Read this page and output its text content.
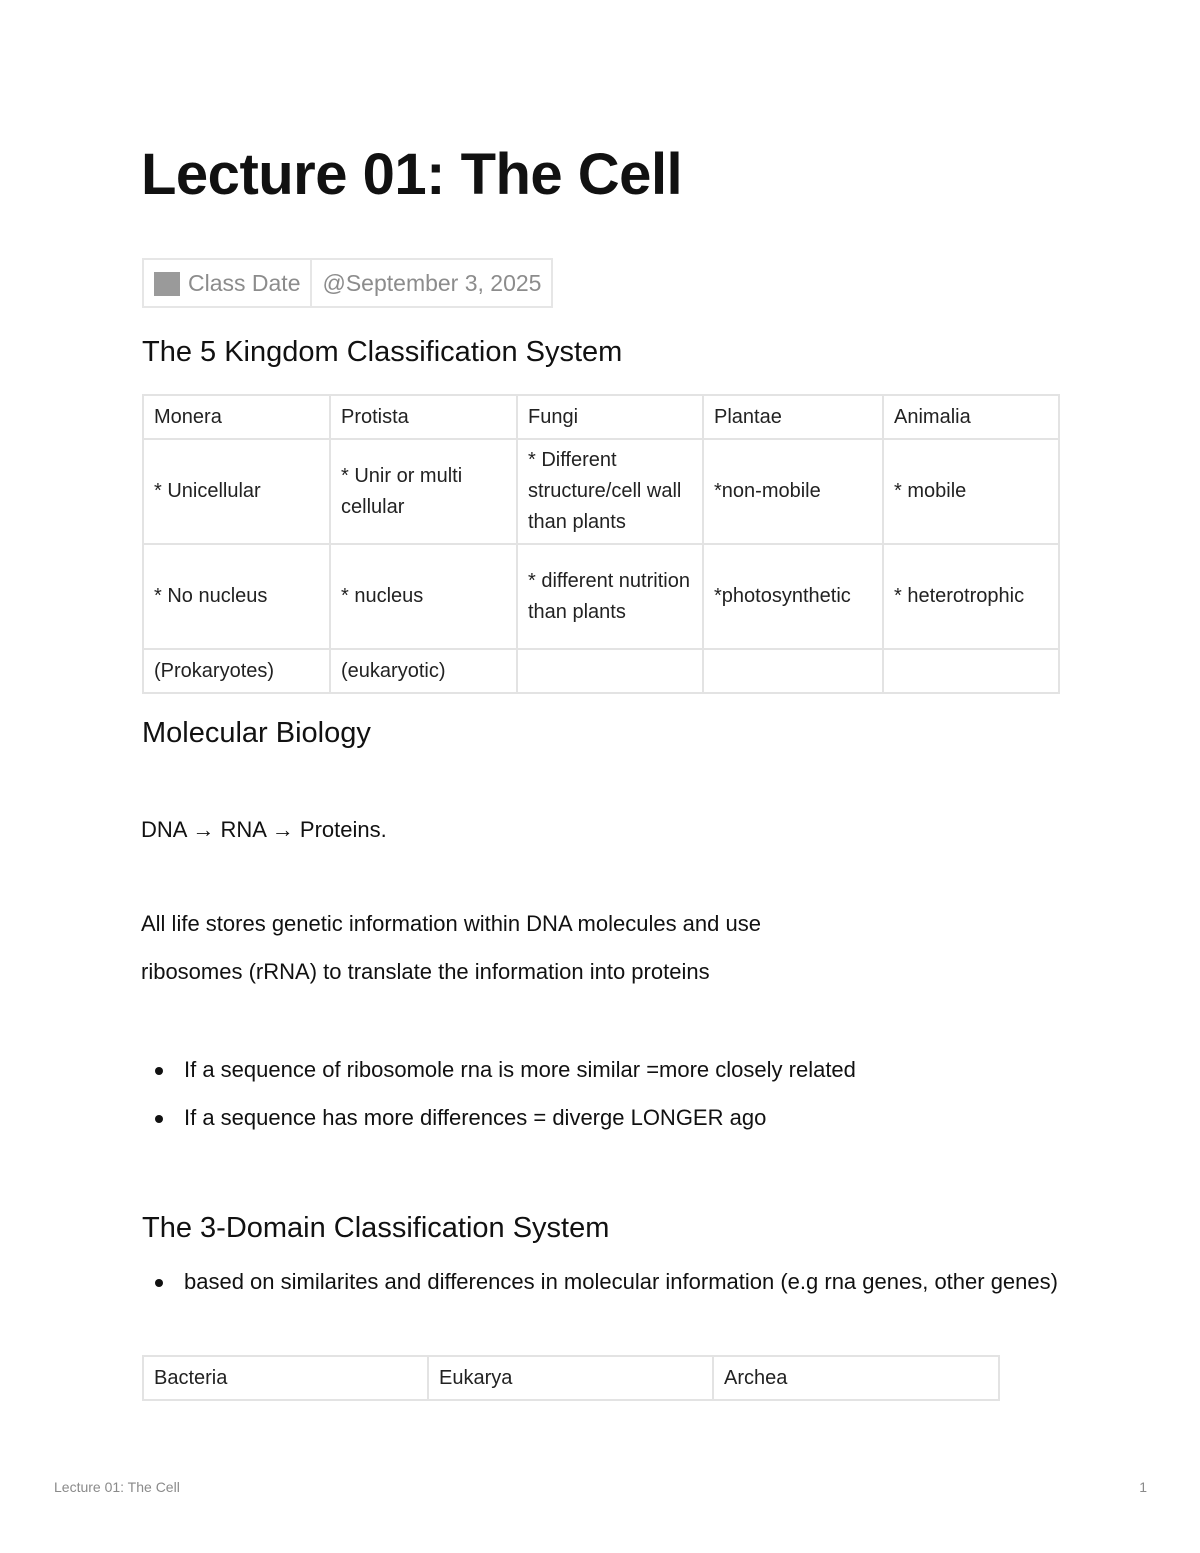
Lecture 01: The Cell
Class Date	@September 3, 2025
The 5 Kingdom Classification System
Monera	Protista	Fungi	Plantae	Animalia
* Unicellular	* Unir or multi cellular	* Different structure/cell wall than plants	*non-mobile	* mobile
* No nucleus	* nucleus	* different nutrition than plants	*photosynthetic	* heterotrophic
(Prokaryotes)	(eukaryotic)			
Molecular Biology

DNA → RNA → Proteins.

All life stores genetic information within DNA molecules and use

ribosomes (rRNA) to translate the information into proteins

If a sequence of ribosomole rna is more similar =more closely related
If a sequence has more differences = diverge LONGER ago
The 3-Domain Classification System
based on similarites and differences in molecular information (e.g rna genes, other genes)
Bacteria	Eukarya	Archea
Lecture 01: The Cell	1
